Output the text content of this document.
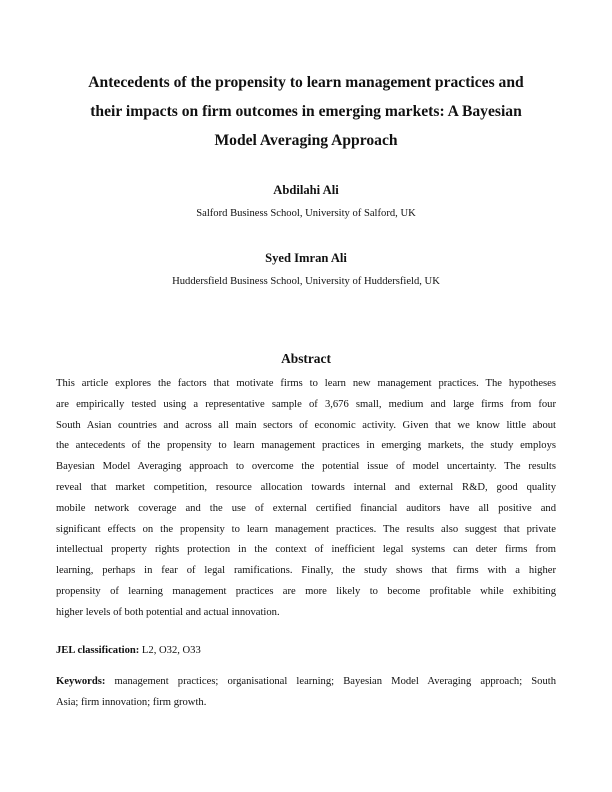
Antecedents of the propensity to learn management practices and
their impacts on firm outcomes in emerging markets: A Bayesian
Model Averaging Approach
Abdilahi Ali
Salford Business School, University of Salford, UK
Syed Imran Ali
Huddersfield Business School, University of Huddersfield, UK
Abstract
This article explores the factors that motivate firms to learn new management practices. The hypotheses
are empirically tested using a representative sample of 3,676 small, medium and large firms from four
South Asian countries and across all main sectors of economic activity. Given that we know little about
the antecedents of the propensity to learn management practices in emerging markets, the study employs
Bayesian Model Averaging approach to overcome the potential issue of model uncertainty. The results
reveal that market competition, resource allocation towards internal and external R&D, good quality
mobile network coverage and the use of external certified financial auditors have all positive and
significant effects on the propensity to learn management practices. The results also suggest that private
intellectual property rights protection in the context of inefficient legal systems can deter firms from
learning, perhaps in fear of legal ramifications. Finally, the study shows that firms with a higher
propensity of learning management practices are more likely to become profitable while exhibiting
higher levels of both potential and actual innovation.
JEL classification: L2, O32, O33
Keywords: management practices; organisational learning; Bayesian Model Averaging approach; South
Asia; firm innovation; firm growth.
